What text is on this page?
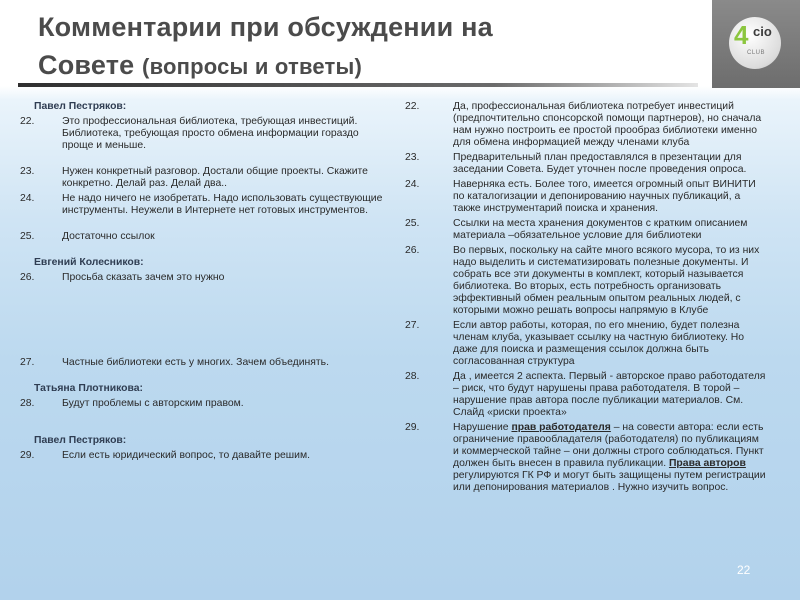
Комментарии при обсуждении на
Совете (вопросы и ответы)
4 cio
CLUB
Павел Пестряков:
22.	Это профессиональная библиотека, требующая инвестиций. Библиотека, требующая просто обмена информации гораздо проще и меньше.
23.	Нужен конкретный разговор. Достали общие проекты. Скажите конкретно. Делай раз. Делай два..
24.	Не надо ничего не изобретать. Надо использовать существующие инструменты. Неужели в Интернете нет готовых инструментов.
25.	Достаточно ссылок
Евгений Колесников:
26.	Просьба сказать зачем это нужно
27.	Частные библиотеки есть у многих. Зачем объединять.
Татьяна Плотникова:
28.	Будут проблемы с авторским правом.
Павел Пестряков:
29.	Если есть юридический вопрос, то давайте решим.
22.	Да, профессиональная библиотека потребует инвестиций (предпочтительно спонсорской помощи партнеров), но сначала нам нужно построить ее простой прообраз библиотеки именно для обмена информацией между членами клуба
23.	Предварительный план предоставлялся в презентации для заседании Совета. Будет уточнен после проведения опроса.
24.	Наверняка есть. Более того, имеется огромный опыт ВИНИТИ по каталогизации и депонированию научных публикаций, а также инструментарий поиска и хранения.
25.	Ссылки на места хранения документов с кратким описанием материала –обязательное условие для библиотеки
26.	Во первых, поскольку на сайте много всякого мусора, то из них надо выделить и систематизировать полезные документы. И собрать все эти документы в комплект, который называется библиотека. Во вторых, есть потребность организовать эффективный обмен реальным опытом реальных людей, с которыми можно решать вопросы напрямую в Клубе
27.	Если автор работы, которая, по его мнению, будет полезна членам клуба, указывает ссылку на частную библиотеку. Но даже для поиска и размещения ссылок должна быть согласованная структура
28.	Да , имеется 2 аспекта. Первый - авторское право работодателя – риск, что будут нарушены права работодателя. В торой – нарушение прав автора после публикации материалов. См. Слайд «риски проекта»
29.	Нарушение прав работодателя – на совести автора: если есть ограничение правообладателя (работодателя) по публикациям и коммерческой тайне – они должны строго соблюдаться. Пункт должен быть внесен в правила публикации. Права авторов регулируются ГК РФ и могут быть защищены путем регистрации или депонирования материалов . Нужно изучить вопрос.
22
